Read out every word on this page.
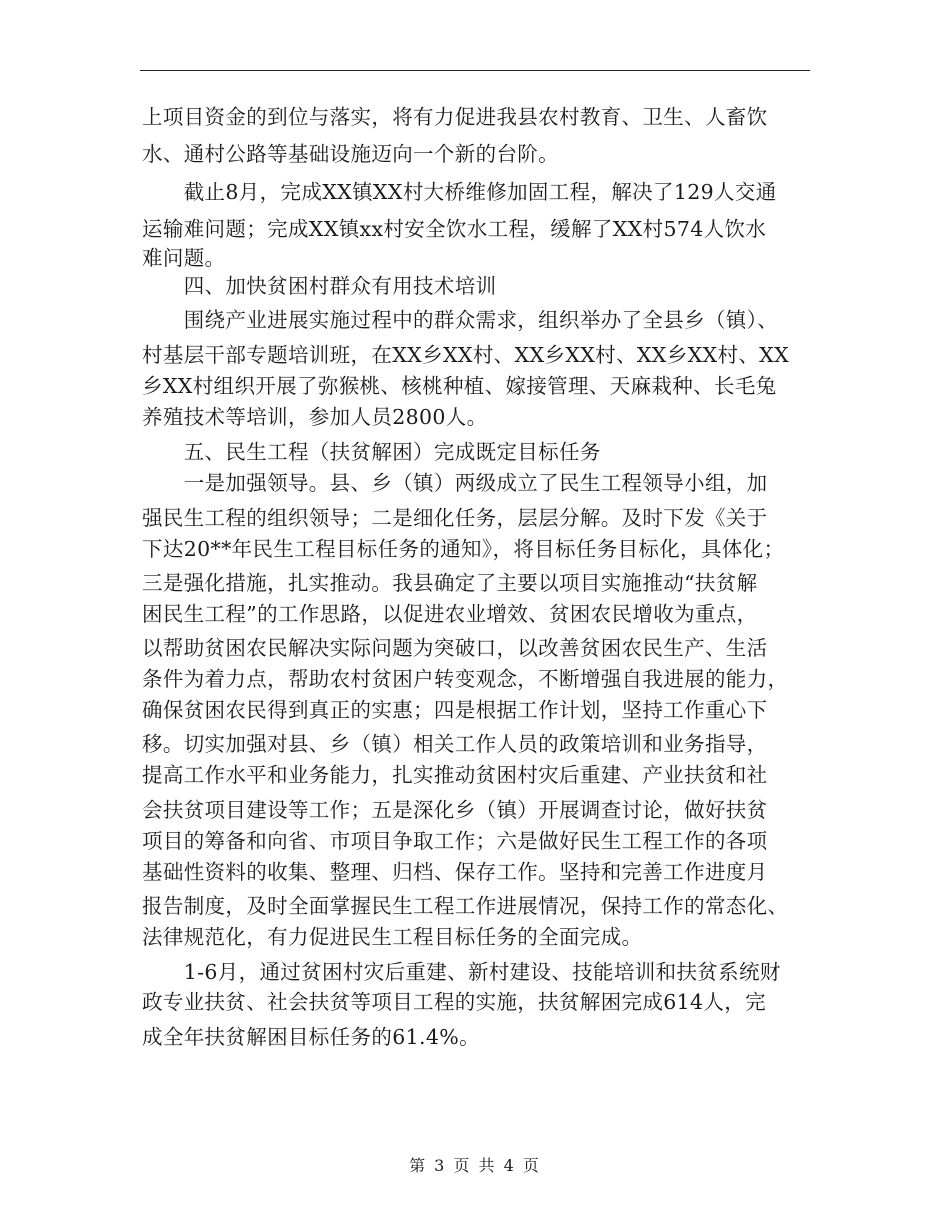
上项目资金的到位与落实，将有力促进我县农村教育、卫生、人畜饮
水、通村公路等基础设施迈向一个新的台阶。
　　截止8月，完成XX镇XX村大桥维修加固工程，解决了129人交通
运输难问题；完成XX镇xx村安全饮水工程，缓解了XX村574人饮水
难问题。
　　四、加快贫困村群众有用技术培训
　　围绕产业进展实施过程中的群众需求，组织举办了全县乡（镇）、
村基层干部专题培训班，在XX乡XX村、XX乡XX村、XX乡XX村、XX
乡XX村组织开展了弥猴桃、核桃种植、嫁接管理、天麻栽种、长毛兔
养殖技术等培训，参加人员2800人。
　　五、民生工程（扶贫解困）完成既定目标任务
　　一是加强领导。县、乡（镇）两级成立了民生工程领导小组，加
强民生工程的组织领导；二是细化任务，层层分解。及时下发《关于
下达20**年民生工程目标任务的通知》，将目标任务目标化，具体化；
三是强化措施，扎实推动。我县确定了主要以项目实施推动“扶贫解
困民生工程”的工作思路，以促进农业增效、贫困农民增收为重点，
以帮助贫困农民解决实际问题为突破口，以改善贫困农民生产、生活
条件为着力点，帮助农村贫困户转变观念，不断增强自我进展的能力，
确保贫困农民得到真正的实惠；四是根据工作计划，坚持工作重心下
移。切实加强对县、乡（镇）相关工作人员的政策培训和业务指导，
提高工作水平和业务能力，扎实推动贫困村灾后重建、产业扶贫和社
会扶贫项目建设等工作；五是深化乡（镇）开展调查讨论，做好扶贫
项目的筹备和向省、市项目争取工作；六是做好民生工程工作的各项
基础性资料的收集、整理、归档、保存工作。坚持和完善工作进度月
报告制度，及时全面掌握民生工程工作进展情况，保持工作的常态化、
法律规范化，有力促进民生工程目标任务的全面完成。
　　1-6月，通过贫困村灾后重建、新村建设、技能培训和扶贫系统财
政专业扶贫、社会扶贫等项目工程的实施，扶贫解困完成614人，完
成全年扶贫解困目标任务的61.4%。
第 3 页 共 4 页
